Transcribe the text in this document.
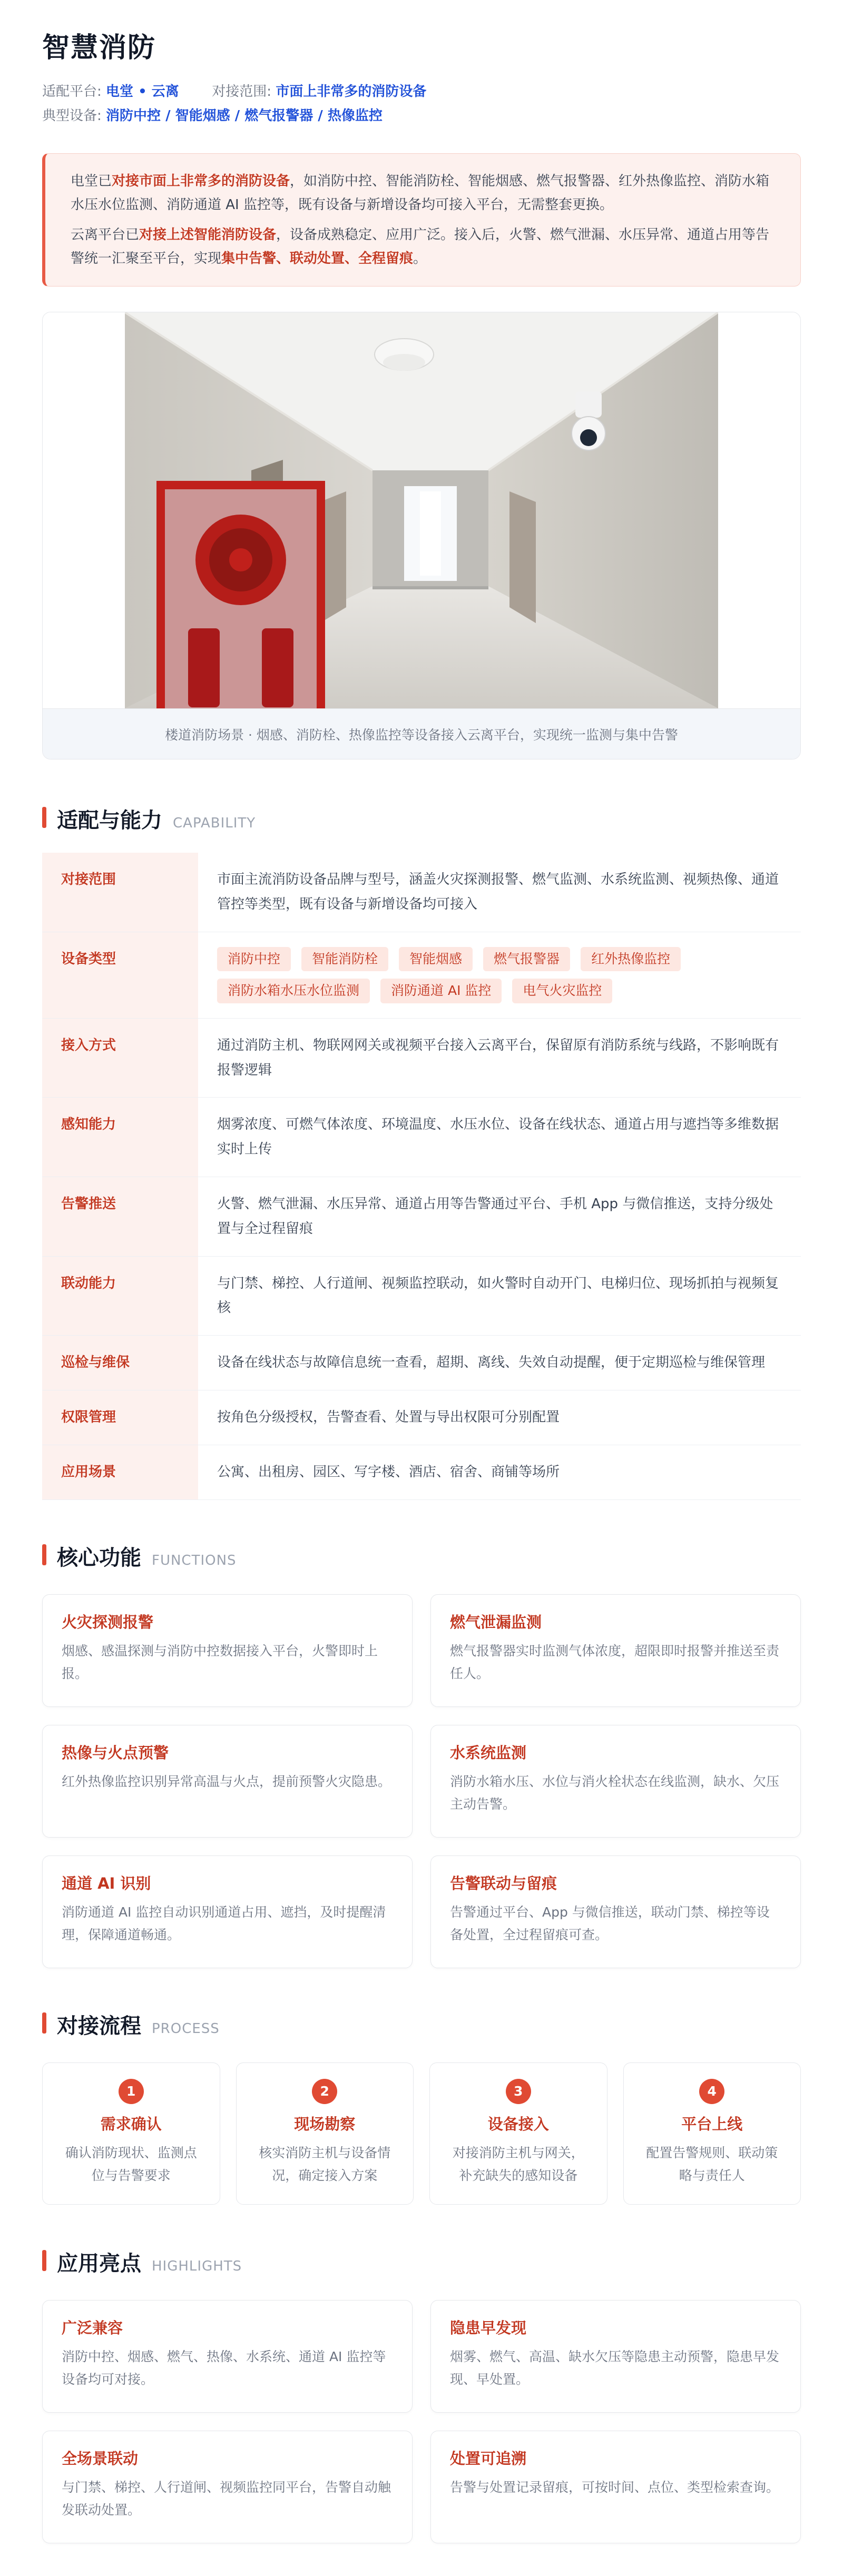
智慧消防
适配平台: 电堂 • 云离 对接范围: 市面上非常多的消防设备
典型设备: 消防中控 / 智能烟感 / 燃气报警器 / 热像监控

电堂已对接市面上非常多的消防设备，如消防中控、智能消防栓、智能烟感、燃气报警器、红外热像监控、消防水箱水压水位监测、消防通道 AI 监控等，既有设备与新增设备均可接入平台，无需整套更换。

云离平台已对接上述智能消防设备，设备成熟稳定、应用广泛。接入后，火警、燃气泄漏、水压异常、通道占用等告警统一汇聚至平台，实现集中告警、联动处置、全程留痕。

楼道消防场景 · 烟感、消防栓、热像监控等设备接入云离平台，实现统一监测与集中告警
适配与能力 CAPABILITY
对接范围	市面主流消防设备品牌与型号，涵盖火灾探测报警、燃气监测、水系统监测、视频热像、通道管控等类型，既有设备与新增设备均可接入
设备类型	消防中控 智能消防栓 智能烟感 燃气报警器 红外热像监控
消防水箱水压水位监测 消防通道 AI 监控 电气火灾监控
接入方式	通过消防主机、物联网网关或视频平台接入云离平台，保留原有消防系统与线路，不影响既有报警逻辑
感知能力	烟雾浓度、可燃气体浓度、环境温度、水压水位、设备在线状态、通道占用与遮挡等多维数据实时上传
告警推送	火警、燃气泄漏、水压异常、通道占用等告警通过平台、手机 App 与微信推送，支持分级处置与全过程留痕
联动能力	与门禁、梯控、人行道闸、视频监控联动，如火警时自动开门、电梯归位、现场抓拍与视频复核
巡检与维保	设备在线状态与故障信息统一查看，超期、离线、失效自动提醒，便于定期巡检与维保管理
权限管理	按角色分级授权，告警查看、处置与导出权限可分别配置
应用场景	公寓、出租房、园区、写字楼、酒店、宿舍、商铺等场所
核心功能 FUNCTIONS
火灾探测报警
烟感、感温探测与消防中控数据接入平台，火警即时上报。
燃气泄漏监测
燃气报警器实时监测气体浓度，超限即时报警并推送至责任人。
热像与火点预警
红外热像监控识别异常高温与火点，提前预警火灾隐患。
水系统监测
消防水箱水压、水位与消火栓状态在线监测，缺水、欠压主动告警。
通道 AI 识别
消防通道 AI 监控自动识别通道占用、遮挡，及时提醒清理，保障通道畅通。
告警联动与留痕
告警通过平台、App 与微信推送，联动门禁、梯控等设备处置，全过程留痕可查。
对接流程 PROCESS
1
需求确认
确认消防现状、监测点位与告警要求
2
现场勘察
核实消防主机与设备情况，确定接入方案
3
设备接入
对接消防主机与网关，补充缺失的感知设备
4
平台上线
配置告警规则、联动策略与责任人
应用亮点 HIGHLIGHTS
广泛兼容
消防中控、烟感、燃气、热像、水系统、通道 AI 监控等设备均可对接。
隐患早发现
烟雾、燃气、高温、缺水欠压等隐患主动预警，隐患早发现、早处置。
全场景联动
与门禁、梯控、人行道闸、视频监控同平台，告警自动触发联动处置。
处置可追溯
告警与处置记录留痕，可按时间、点位、类型检索查询。
